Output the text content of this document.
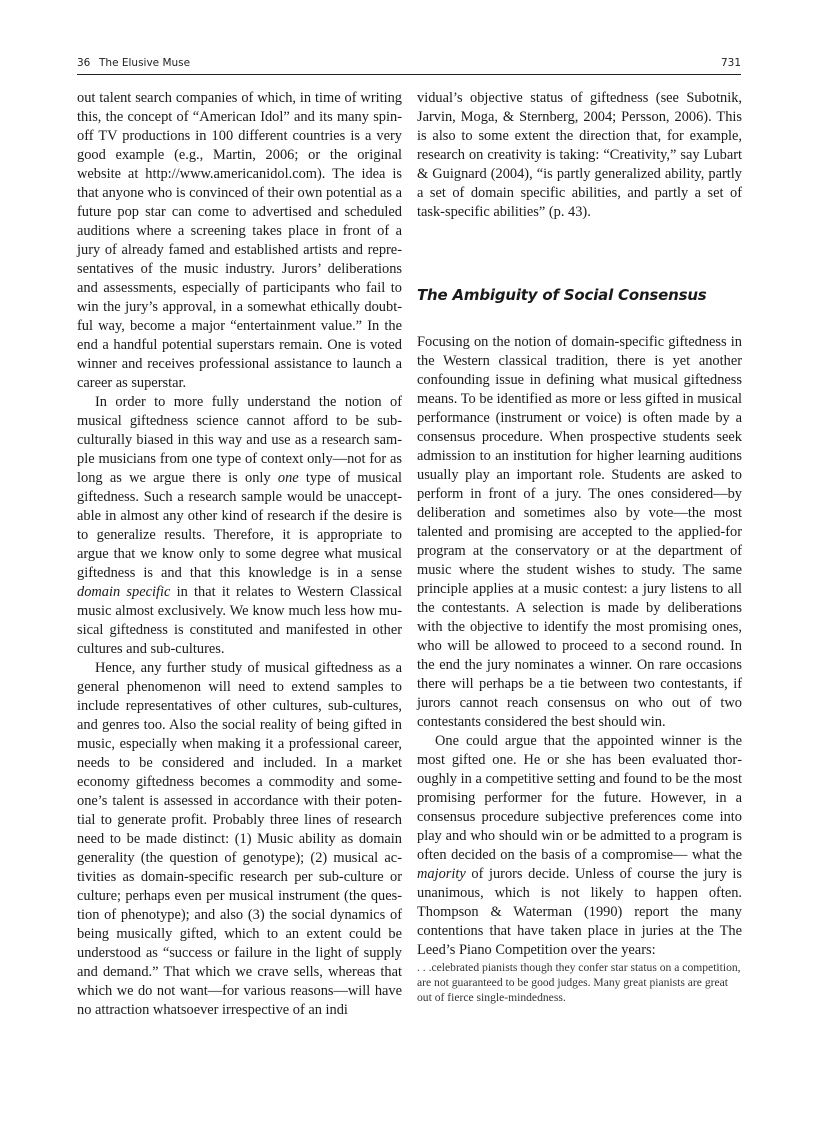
36 The Elusive Muse	731

out talent search companies of which, in time of writing this, the concept of “American Idol” and its many spin-off TV productions in 100 different countries is a very good example (e.g., Martin, 2006; or the original website at http://www.americanidol.com). The idea is that anyone who is convinced of their own potential as a future pop star can come to advertised and scheduled auditions where a screening takes place in front of a jury of already famed and established artists and representatives of the music industry. Jurors’ deliberations and assessments, especially of participants who fail to win the jury’s approval, in a somewhat ethically doubtful way, become a major “entertainment value.” In the end a handful potential superstars remain. One is voted winner and receives professional assistance to launch a career as superstar.

In order to more fully understand the notion of musical giftedness science cannot afford to be subculturally biased in this way and use as a research sample musicians from one type of context only—not for as long as we argue there is only one type of musical giftedness. Such a research sample would be unacceptable in almost any other kind of research if the desire is to generalize results. Therefore, it is appropriate to argue that we know only to some degree what musical giftedness is and that this knowledge is in a sense domain specific in that it relates to Western Classical music almost exclusively. We know much less how musical giftedness is constituted and manifested in other cultures and sub-cultures.

Hence, any further study of musical giftedness as a general phenomenon will need to extend samples to include representatives of other cultures, sub-cultures, and genres too. Also the social reality of being gifted in music, especially when making it a professional career, needs to be considered and included. In a market economy giftedness becomes a commodity and someone’s talent is assessed in accordance with their potential to generate profit. Probably three lines of research need to be made distinct: (1) Music ability as domain generality (the question of genotype); (2) musical activities as domain-specific research per sub-culture or culture; perhaps even per musical instrument (the question of phenotype); and also (3) the social dynamics of being musically gifted, which to an extent could be understood as “success or failure in the light of supply and demand.” That which we crave sells, whereas that which we do not want—for various reasons—will have no attraction whatsoever irrespective of an indi

vidual’s objective status of giftedness (see Subotnik, Jarvin, Moga, & Sternberg, 2004; Persson, 2006). This is also to some extent the direction that, for example, research on creativity is taking: “Creativity,” say Lubart & Guignard (2004), “is partly generalized ability, partly a set of domain specific abilities, and partly a set of task-specific abilities” (p. 43).

The Ambiguity of Social Consensus

Focusing on the notion of domain-specific giftedness in the Western classical tradition, there is yet another confounding issue in defining what musical giftedness means. To be identified as more or less gifted in musical performance (instrument or voice) is often made by a consensus procedure. When prospective students seek admission to an institution for higher learning auditions usually play an important role. Students are asked to perform in front of a jury. The ones considered—by deliberation and sometimes also by vote—the most talented and promising are accepted to the applied-for program at the conservatory or at the department of music where the student wishes to study. The same principle applies at a music contest: a jury listens to all the contestants. A selection is made by deliberations with the objective to identify the most promising ones, who will be allowed to proceed to a second round. In the end the jury nominates a winner. On rare occasions there will perhaps be a tie between two contestants, if jurors cannot reach consensus on who out of two contestants considered the best should win.

One could argue that the appointed winner is the most gifted one. He or she has been evaluated thoroughly in a competitive setting and found to be the most promising performer for the future. However, in a consensus procedure subjective preferences come into play and who should win or be admitted to a program is often decided on the basis of a compromise— what the majority of jurors decide. Unless of course the jury is unanimous, which is not likely to happen often. Thompson & Waterman (1990) report the many contentions that have taken place in juries at the The Leed’s Piano Competition over the years:

. . .celebrated pianists though they confer star status on a competition, are not guaranteed to be good judges. Many great pianists are great out of fierce single-mindedness.
